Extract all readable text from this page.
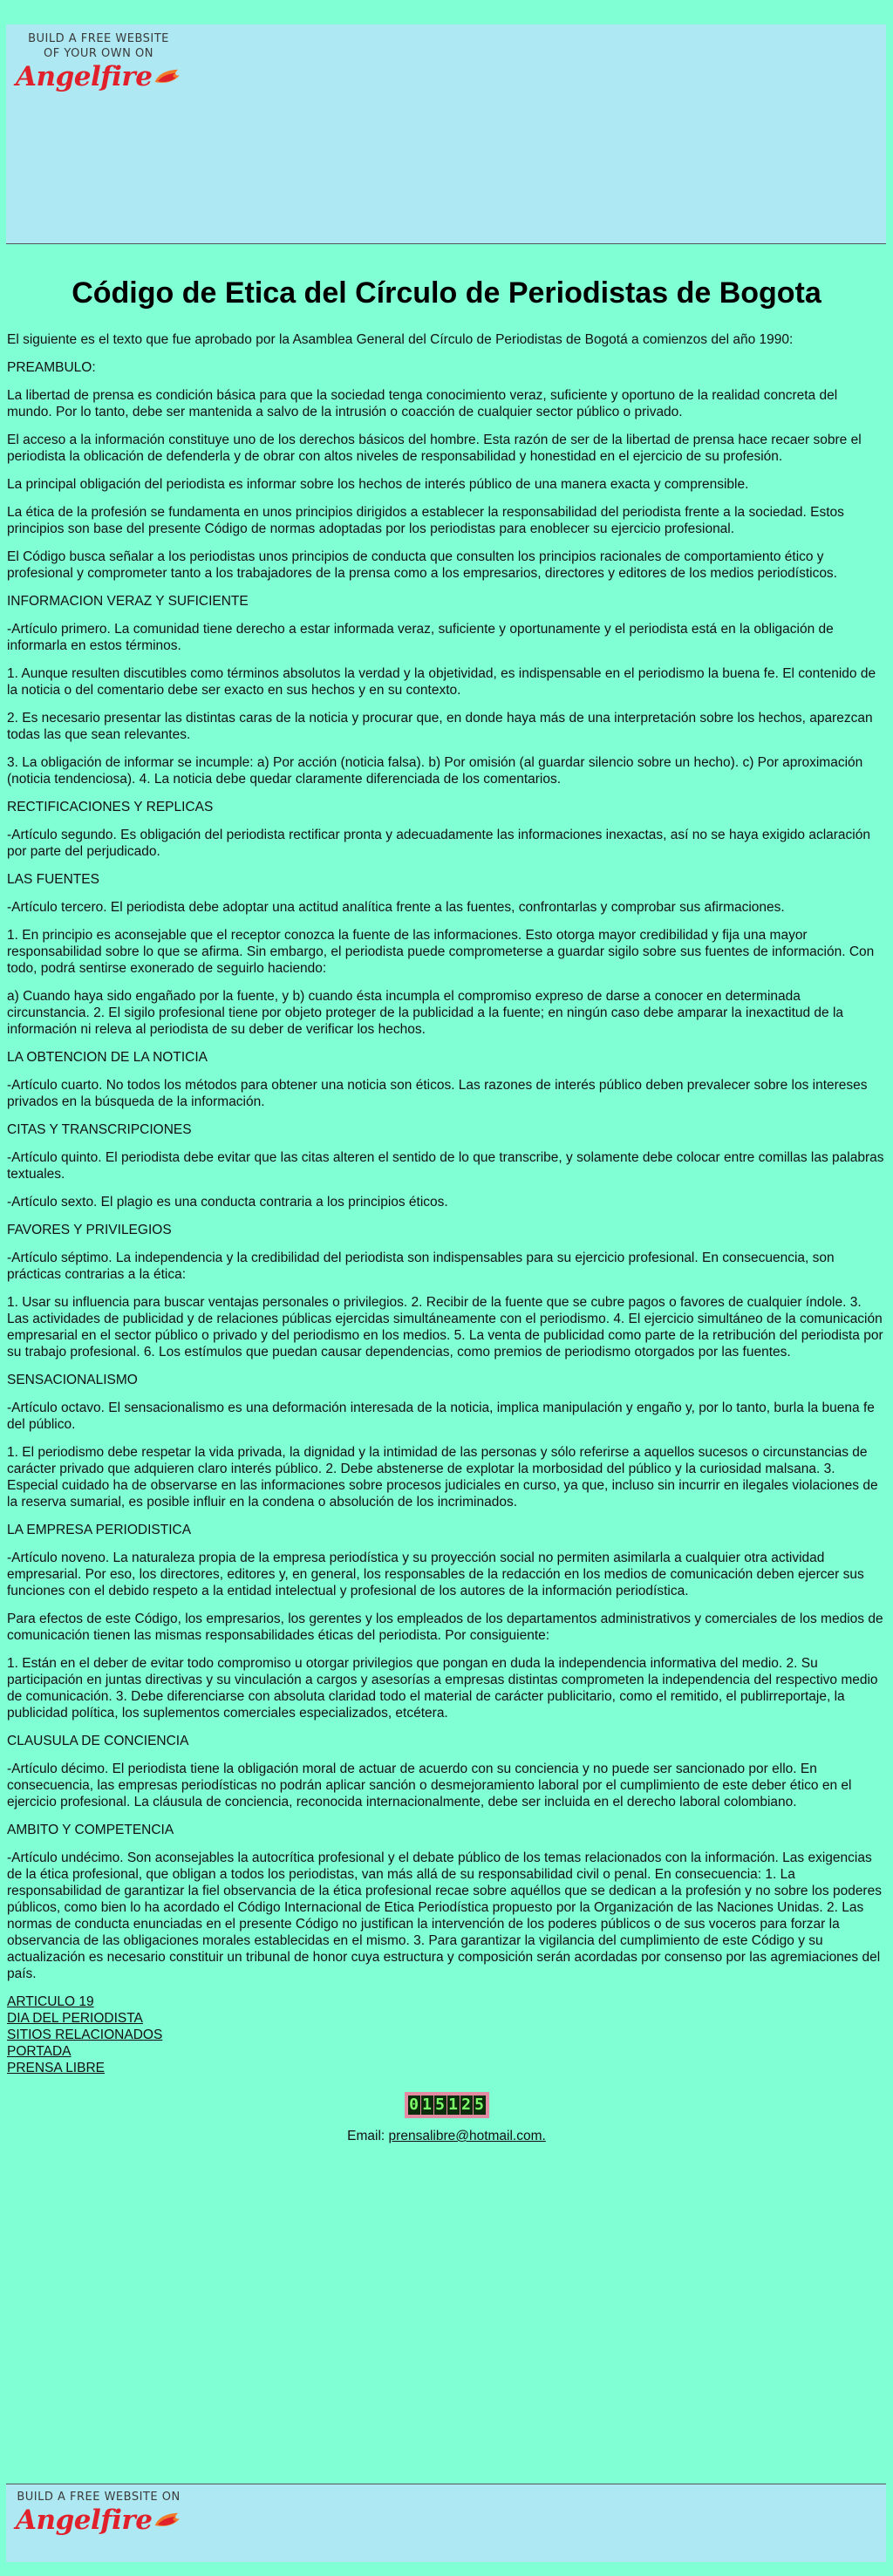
BUILD A FREE WEBSITE
OF YOUR OWN ON
Angelfire
Código de Etica del Círculo de Periodistas de Bogota

El siguiente es el texto que fue aprobado por la Asamblea General del Círculo de Periodistas de Bogotá a comienzos del año 1990:

PREAMBULO:

La libertad de prensa es condición básica para que la sociedad tenga conocimiento veraz, suficiente y oportuno de la realidad concreta del mundo. Por lo tanto, debe ser mantenida a salvo de la intrusión o coacción de cualquier sector público o privado.

El acceso a la información constituye uno de los derechos básicos del hombre. Esta razón de ser de la libertad de prensa hace recaer sobre el periodista la oblicación de defenderla y de obrar con altos niveles de responsabilidad y honestidad en el ejercicio de su profesión.

La principal obligación del periodista es informar sobre los hechos de interés público de una manera exacta y comprensible.

La ética de la profesión se fundamenta en unos principios dirigidos a establecer la responsabilidad del periodista frente a la sociedad. Estos principios son base del presente Código de normas adoptadas por los periodistas para enoblecer su ejercicio profesional.

El Código busca señalar a los periodistas unos principios de conducta que consulten los principios racionales de comportamiento ético y profesional y comprometer tanto a los trabajadores de la prensa como a los empresarios, directores y editores de los medios periodísticos.

INFORMACION VERAZ Y SUFICIENTE

-Artículo primero. La comunidad tiene derecho a estar informada veraz, suficiente y oportunamente y el periodista está en la obligación de informarla en estos términos.

1. Aunque resulten discutibles como términos absolutos la verdad y la objetividad, es indispensable en el periodismo la buena fe. El contenido de la noticia o del comentario debe ser exacto en sus hechos y en su contexto.

2. Es necesario presentar las distintas caras de la noticia y procurar que, en donde haya más de una interpretación sobre los hechos, aparezcan todas las que sean relevantes.

3. La obligación de informar se incumple: a) Por acción (noticia falsa). b) Por omisión (al guardar silencio sobre un hecho). c) Por aproximación (noticia tendenciosa). 4. La noticia debe quedar claramente diferenciada de los comentarios.

RECTIFICACIONES Y REPLICAS

-Artículo segundo. Es obligación del periodista rectificar pronta y adecuadamente las informaciones inexactas, así no se haya exigido aclaración por parte del perjudicado.

LAS FUENTES

-Artículo tercero. El periodista debe adoptar una actitud analítica frente a las fuentes, confrontarlas y comprobar sus afirmaciones.

1. En principio es aconsejable que el receptor conozca la fuente de las informaciones. Esto otorga mayor credibilidad y fija una mayor responsabilidad sobre lo que se afirma. Sin embargo, el periodista puede comprometerse a guardar sigilo sobre sus fuentes de información. Con todo, podrá sentirse exonerado de seguirlo haciendo:

a) Cuando haya sido engañado por la fuente, y b) cuando ésta incumpla el compromiso expreso de darse a conocer en determinada circunstancia. 2. El sigilo profesional tiene por objeto proteger de la publicidad a la fuente; en ningún caso debe amparar la inexactitud de la información ni releva al periodista de su deber de verificar los hechos.

LA OBTENCION DE LA NOTICIA

-Artículo cuarto. No todos los métodos para obtener una noticia son éticos. Las razones de interés público deben prevalecer sobre los intereses privados en la búsqueda de la información.

CITAS Y TRANSCRIPCIONES

-Artículo quinto. El periodista debe evitar que las citas alteren el sentido de lo que transcribe, y solamente debe colocar entre comillas las palabras textuales.

-Artículo sexto. El plagio es una conducta contraria a los principios éticos.

FAVORES Y PRIVILEGIOS

-Artículo séptimo. La independencia y la credibilidad del periodista son indispensables para su ejercicio profesional. En consecuencia, son prácticas contrarias a la ética:

1. Usar su influencia para buscar ventajas personales o privilegios. 2. Recibir de la fuente que se cubre pagos o favores de cualquier índole. 3. Las actividades de publicidad y de relaciones públicas ejercidas simultáneamente con el periodismo. 4. El ejercicio simultáneo de la comunicación empresarial en el sector público o privado y del periodismo en los medios. 5. La venta de publicidad como parte de la retribución del periodista por su trabajo profesional. 6. Los estímulos que puedan causar dependencias, como premios de periodismo otorgados por las fuentes.

SENSACIONALISMO

-Artículo octavo. El sensacionalismo es una deformación interesada de la noticia, implica manipulación y engaño y, por lo tanto, burla la buena fe del público.

1. El periodismo debe respetar la vida privada, la dignidad y la intimidad de las personas y sólo referirse a aquellos sucesos o circunstancias de carácter privado que adquieren claro interés público. 2. Debe abstenerse de explotar la morbosidad del público y la curiosidad malsana. 3. Especial cuidado ha de observarse en las informaciones sobre procesos judiciales en curso, ya que, incluso sin incurrir en ilegales violaciones de la reserva sumarial, es posible influir en la condena o absolución de los incriminados.

LA EMPRESA PERIODISTICA

-Artículo noveno. La naturaleza propia de la empresa periodística y su proyección social no permiten asimilarla a cualquier otra actividad empresarial. Por eso, los directores, editores y, en general, los responsables de la redacción en los medios de comunicación deben ejercer sus funciones con el debido respeto a la entidad intelectual y profesional de los autores de la información periodística.

Para efectos de este Código, los empresarios, los gerentes y los empleados de los departamentos administrativos y comerciales de los medios de comunicación tienen las mismas responsabilidades éticas del periodista. Por consiguiente:

1. Están en el deber de evitar todo compromiso u otorgar privilegios que pongan en duda la independencia informativa del medio. 2. Su participación en juntas directivas y su vinculación a cargos y asesorías a empresas distintas comprometen la independencia del respectivo medio de comunicación. 3. Debe diferenciarse con absoluta claridad todo el material de carácter publicitario, como el remitido, el publirreportaje, la publicidad política, los suplementos comerciales especializados, etcétera.

CLAUSULA DE CONCIENCIA

-Artículo décimo. El periodista tiene la obligación moral de actuar de acuerdo con su conciencia y no puede ser sancionado por ello. En consecuencia, las empresas periodísticas no podrán aplicar sanción o desmejoramiento laboral por el cumplimiento de este deber ético en el ejercicio profesional. La cláusula de conciencia, reconocida internacionalmente, debe ser incluida en el derecho laboral colombiano.

AMBITO Y COMPETENCIA

-Artículo undécimo. Son aconsejables la autocrítica profesional y el debate público de los temas relacionados con la información. Las exigencias de la ética profesional, que obligan a todos los periodistas, van más allá de su responsabilidad civil o penal. En consecuencia: 1. La responsabilidad de garantizar la fiel observancia de la ética profesional recae sobre aquéllos que se dedican a la profesión y no sobre los poderes públicos, como bien lo ha acordado el Código Internacional de Etica Periodística propuesto por la Organización de las Naciones Unidas. 2. Las normas de conducta enunciadas en el presente Código no justifican la intervención de los poderes públicos o de sus voceros para forzar la observancia de las obligaciones morales establecidas en el mismo. 3. Para garantizar la vigilancia del cumplimiento de este Código y su actualización es necesario constituir un tribunal de honor cuya estructura y composición serán acordadas por consenso por las agremiaciones del país.

ARTICULO 19
DIA DEL PERIODISTA
SITIOS RELACIONADOS
PORTADA
PRENSA LIBRE
0 1 5 1 2 5
Email: prensalibre@hotmail.com.
BUILD A FREE WEBSITE ON
Angelfire
